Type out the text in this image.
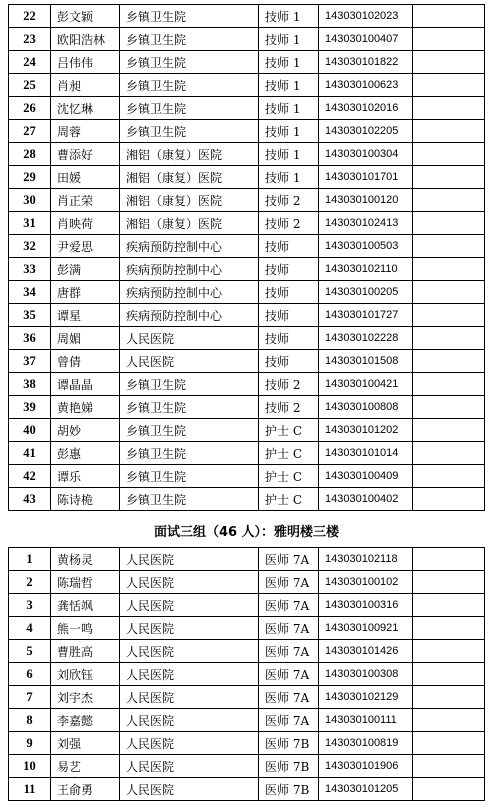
22	彭文颖	乡镇卫生院	技师 1	143030102023	
23	欧阳浩林	乡镇卫生院	技师 1	143030100407	
24	吕伟伟	乡镇卫生院	技师 1	143030101822	
25	肖昶	乡镇卫生院	技师 1	143030100623	
26	沈忆琳	乡镇卫生院	技师 1	143030102016	
27	周蓉	乡镇卫生院	技师 1	143030102205	
28	曹添好	湘铝（康复）医院	技师 1	143030100304	
29	田媛	湘铝（康复）医院	技师 1	143030101701	
30	肖正荣	湘铝（康复）医院	技师 2	143030100120	
31	肖映荷	湘铝（康复）医院	技师 2	143030102413	
32	尹爱思	疾病预防控制中心	技师	143030100503	
33	彭满	疾病预防控制中心	技师	143030102110	
34	唐群	疾病预防控制中心	技师	143030100205	
35	谭星	疾病预防控制中心	技师	143030101727	
36	周媚	人民医院	技师	143030102228	
37	曾倩	人民医院	技师	143030101508	
38	谭晶晶	乡镇卫生院	技师 2	143030100421	
39	黄艳娣	乡镇卫生院	技师 2	143030100808	
40	胡妙	乡镇卫生院	护士 C	143030101202	
41	彭惠	乡镇卫生院	护士 C	143030101014	
42	谭乐	乡镇卫生院	护士 C	143030100409	
43	陈诗桅	乡镇卫生院	护士 C	143030100402	
面试三组（46 人）：雅明楼三楼
1	黄杨灵	人民医院	医师 7A	143030102118	
2	陈瑞哲	人民医院	医师 7A	143030100102	
3	龚恬飒	人民医院	医师 7A	143030100316	
4	熊一鸣	人民医院	医师 7A	143030100921	
5	曹胜高	人民医院	医师 7A	143030101426	
6	刘欣钰	人民医院	医师 7A	143030100308	
7	刘宇杰	人民医院	医师 7A	143030102129	
8	李嘉懿	人民医院	医师 7A	143030100111	
9	刘强	人民医院	医师 7B	143030100819	
10	易艺	人民医院	医师 7B	143030101906	
11	王俞勇	人民医院	医师 7B	143030101205	
